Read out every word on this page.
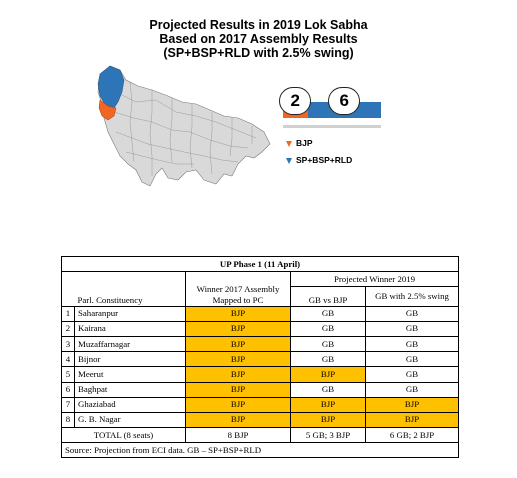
Projected Results in 2019 Lok Sabha
Based on 2017 Assembly Results
(SP+BSP+RLD with 2.5% swing)
2	6
BJP
SP+BSP+RLD
UP Phase 1 (11 April)				
		Winner 2017 Assembly Mapped to PC	Projected Winner 2019	
	Parl. Constituency		GB vs BJP	GB with 2.5% swing
1	Saharanpur	BJP	GB	GB
2	Kairana	BJP	GB	GB
3	Muzaffarnagar	BJP	GB	GB
4	Bijnor	BJP	GB	GB
5	Meerut	BJP	BJP	GB
6	Baghpat	BJP	GB	GB
7	Ghaziabad	BJP	BJP	BJP
8	G. B. Nagar	BJP	BJP	BJP
TOTAL (8 seats)		8 BJP	5 GB; 3 BJP	6 GB; 2 BJP
Source: Projection from ECI data. GB – SP+BSP+RLD				
